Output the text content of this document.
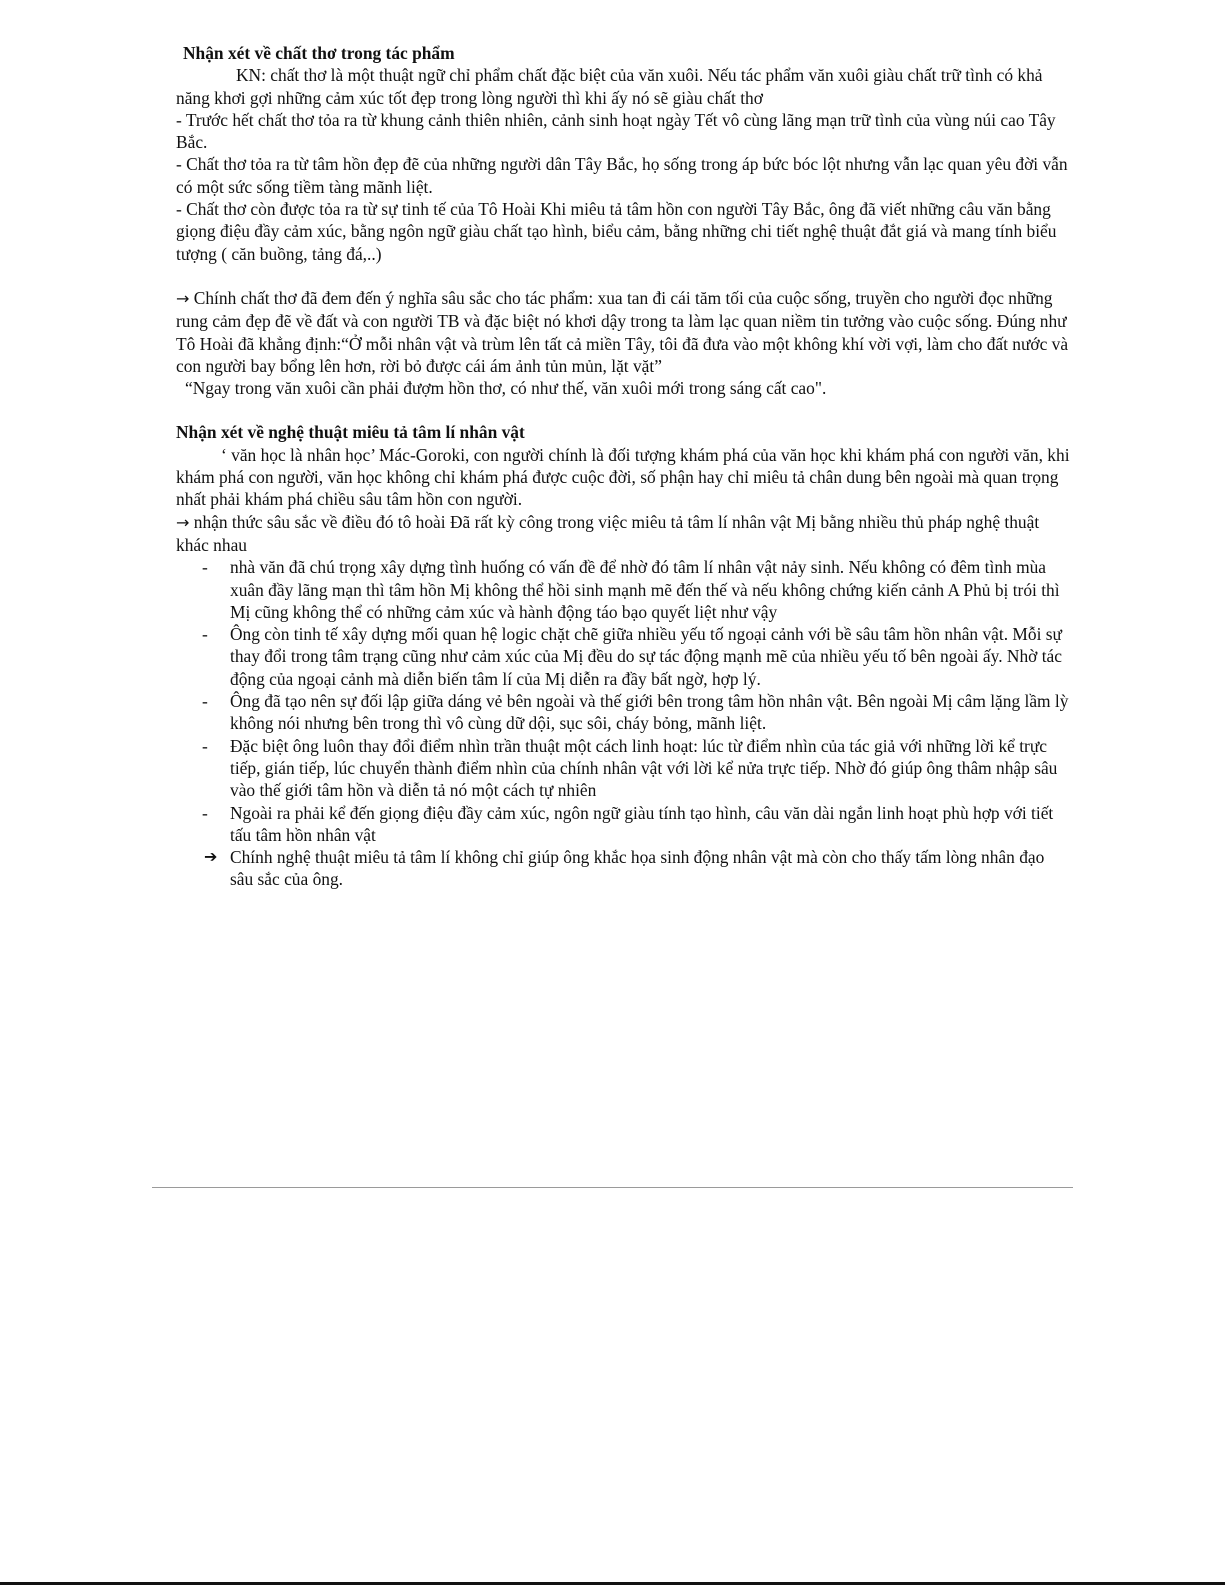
Nhận xét về chất thơ trong tác phẩm

KN: chất thơ là một thuật ngữ chỉ phẩm chất đặc biệt của văn xuôi. Nếu tác phẩm văn xuôi giàu chất trữ tình có khả năng khơi gợi những cảm xúc tốt đẹp trong lòng người thì khi ấy nó sẽ giàu chất thơ

- Trước hết chất thơ tỏa ra từ khung cảnh thiên nhiên, cảnh sinh hoạt ngày Tết vô cùng lãng mạn trữ tình của vùng núi cao Tây Bắc.

- Chất thơ tỏa ra từ tâm hồn đẹp đẽ của những người dân Tây Bắc, họ sống trong áp bức bóc lột nhưng vẫn lạc quan yêu đời vẫn có một sức sống tiềm tàng mãnh liệt.

- Chất thơ còn được tỏa ra từ sự tinh tế của Tô Hoài Khi miêu tả tâm hồn con người Tây Bắc, ông đã viết những câu văn bằng giọng điệu đầy cảm xúc, bằng ngôn ngữ giàu chất tạo hình, biểu cảm, bằng những chi tiết nghệ thuật đắt giá và mang tính biểu tượng ( căn buồng, tảng đá,..)

→ Chính chất thơ đã đem đến ý nghĩa sâu sắc cho tác phẩm: xua tan đi cái tăm tối của cuộc sống, truyền cho người đọc những rung cảm đẹp đẽ về đất và con người TB và đặc biệt nó khơi dậy trong ta làm lạc quan niềm tin tưởng vào cuộc sống. Đúng như Tô Hoài đã khẳng định:“Ở mỗi nhân vật và trùm lên tất cả miền Tây, tôi đã đưa vào một không khí vời vợi, làm cho đất nước và con người bay bổng lên hơn, rời bỏ được cái ám ảnh tủn mủn, lặt vặt”

“Ngay trong văn xuôi cần phải đượm hồn thơ, có như thế, văn xuôi mới trong sáng cất cao".

Nhận xét về nghệ thuật miêu tả tâm lí nhân vật

‘ văn học là nhân học’ Mác-Goroki, con người chính là đối tượng khám phá của văn học khi khám phá con người văn, khi khám phá con người, văn học không chỉ khám phá được cuộc đời, số phận hay chỉ miêu tả chân dung bên ngoài mà quan trọng nhất phải khám phá chiều sâu tâm hồn con người.

→ nhận thức sâu sắc về điều đó tô hoài Đã rất kỳ công trong việc miêu tả tâm lí nhân vật Mị bằng nhiều thủ pháp nghệ thuật khác nhau

- nhà văn đã chú trọng xây dựng tình huống có vấn đề để nhờ đó tâm lí nhân vật nảy sinh. Nếu không có đêm tình mùa xuân đầy lãng mạn thì tâm hồn Mị không thể hồi sinh mạnh mẽ đến thế và nếu không chứng kiến cảnh A Phủ bị trói thì Mị cũng không thể có những cảm xúc và hành động táo bạo quyết liệt như vậy
- Ông còn tinh tế xây dựng mối quan hệ logic chặt chẽ giữa nhiều yếu tố ngoại cảnh với bề sâu tâm hồn nhân vật. Mỗi sự thay đổi trong tâm trạng cũng như cảm xúc của Mị đều do sự tác động mạnh mẽ của nhiều yếu tố bên ngoài ấy. Nhờ tác động của ngoại cảnh mà diễn biến tâm lí của Mị diễn ra đầy bất ngờ, hợp lý.
- Ông đã tạo nên sự đối lập giữa dáng vẻ bên ngoài và thế giới bên trong tâm hồn nhân vật. Bên ngoài Mị câm lặng lầm lỳ không nói nhưng bên trong thì vô cùng dữ dội, sục sôi, cháy bỏng, mãnh liệt.
- Đặc biệt ông luôn thay đổi điểm nhìn trần thuật một cách linh hoạt: lúc từ điểm nhìn của tác giả với những lời kể trực tiếp, gián tiếp, lúc chuyển thành điểm nhìn của chính nhân vật với lời kể nửa trực tiếp. Nhờ đó giúp ông thâm nhập sâu vào thế giới tâm hồn và diễn tả nó một cách tự nhiên
- Ngoài ra phải kể đến giọng điệu đầy cảm xúc, ngôn ngữ giàu tính tạo hình, câu văn dài ngắn linh hoạt phù hợp với tiết tấu tâm hồn nhân vật

➔ Chính nghệ thuật miêu tả tâm lí không chỉ giúp ông khắc họa sinh động nhân vật mà còn cho thấy tấm lòng nhân đạo sâu sắc của ông.
